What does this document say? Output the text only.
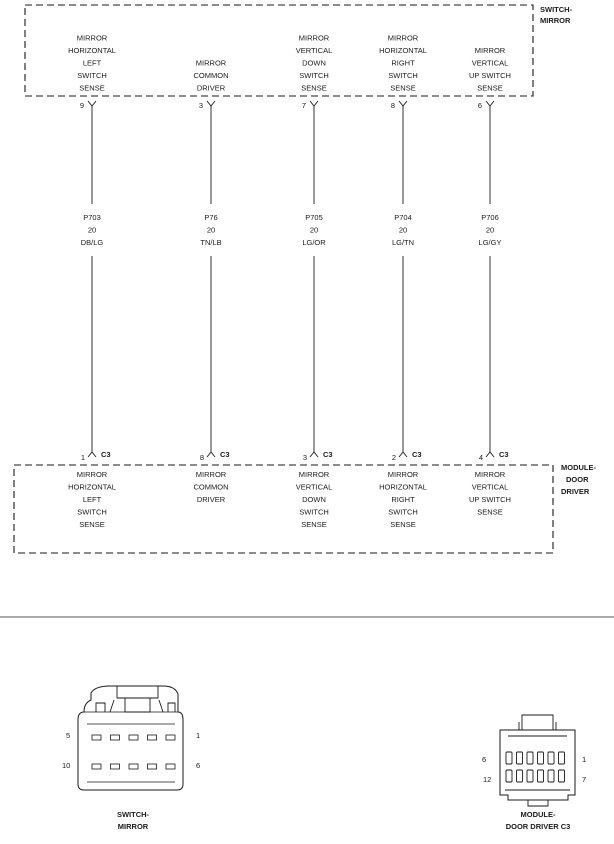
SWITCH-
MIRROR
MIRROR
HORIZONTAL
LEFT
SWITCH
SENSE
9
MIRROR
COMMON
DRIVER
3
MIRROR
VERTICAL
DOWN
SWITCH
SENSE
7
MIRROR
HORIZONTAL
RIGHT
SWITCH
SENSE
8
MIRROR
VERTICAL
UP SWITCH
SENSE
6
P703
20
DB/LG
P76
20
TN/LB
P705
20
LG/OR
P704
20
LG/TN
P706
20
LG/GY
1 C3
MIRROR
HORIZONTAL
LEFT
SWITCH
SENSE
8 C3
MIRROR
COMMON
DRIVER
3 C3
MIRROR
VERTICAL
DOWN
SWITCH
SENSE
2 C3
MIRROR
HORIZONTAL
RIGHT
SWITCH
SENSE
4 C3
MIRROR
VERTICAL
UP SWITCH
SENSE
MODULE-
DOOR
DRIVER
5	1
10	6
SWITCH-
MIRROR
6	1
12	7
MODULE-
DOOR DRIVER C3
